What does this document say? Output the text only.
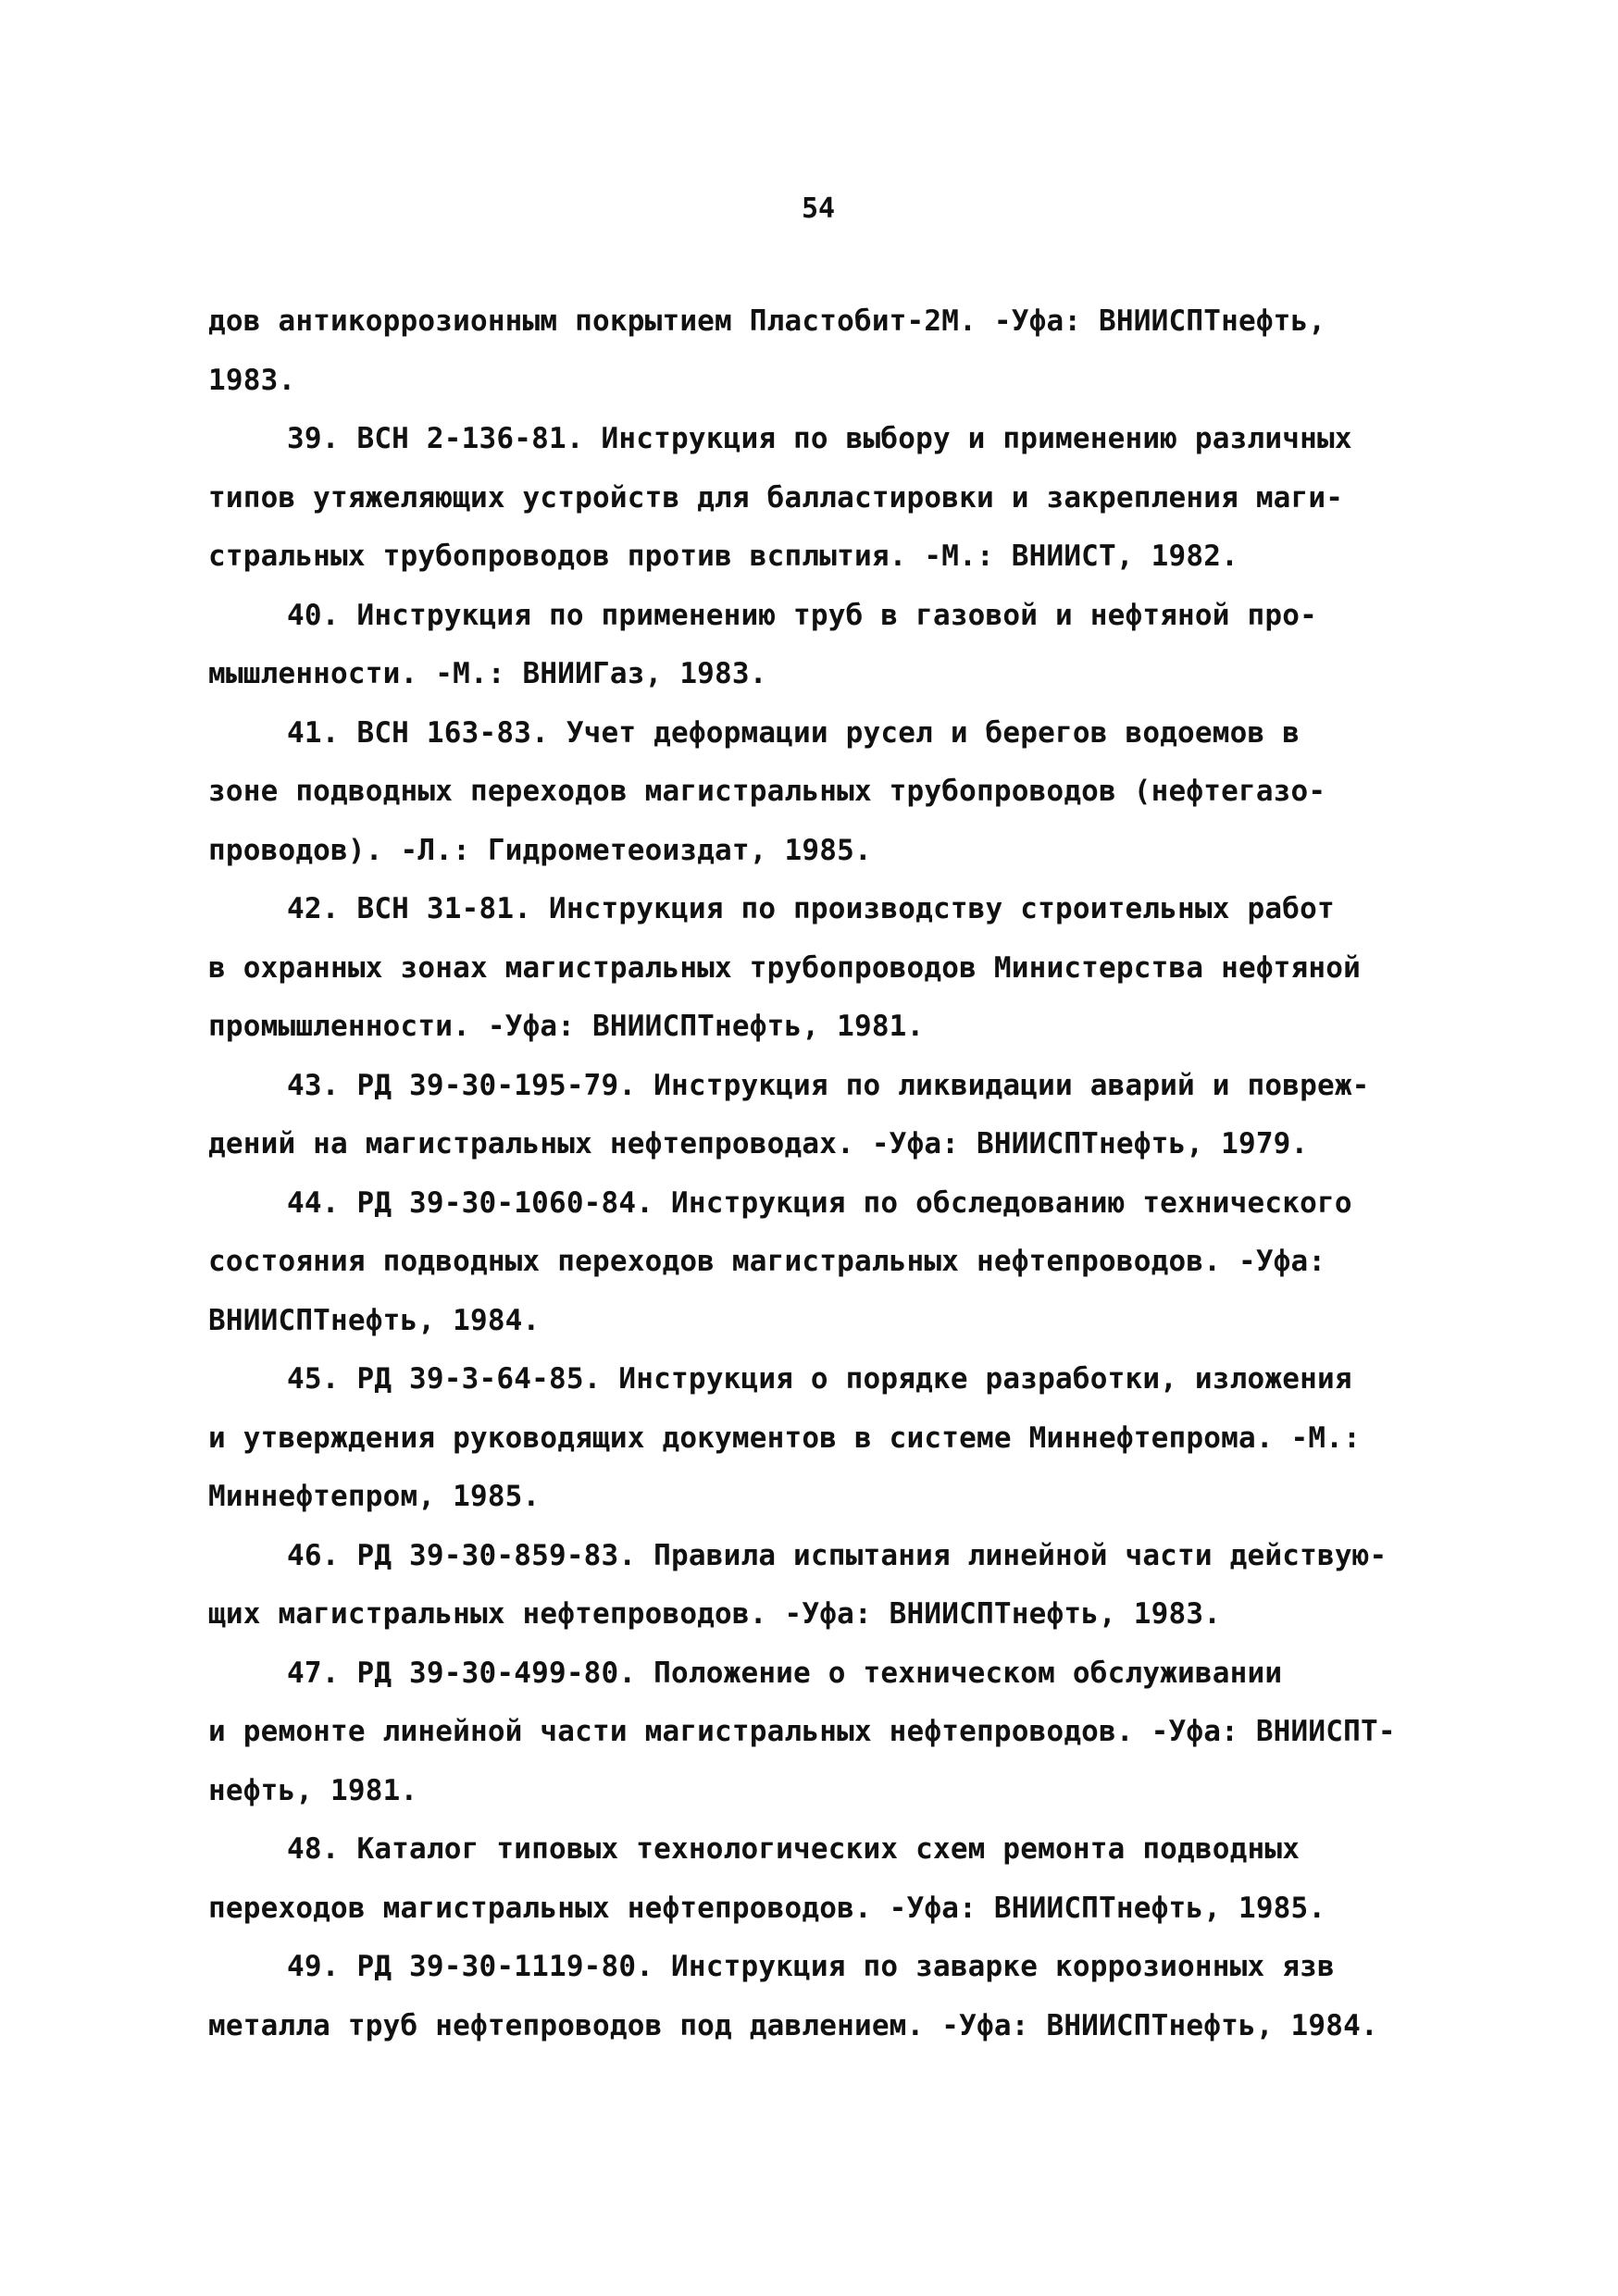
54
дов антикоррозионным покрытием Пластобит-2М. -Уфа: ВНИИСПТнефть,
1983.
39. ВСН 2-136-81. Инструкция по выбору и применению различных
типов утяжеляющих устройств для балластировки и закрепления маги-
стральных трубопроводов против всплытия. -М.: ВНИИСТ, 1982.
40. Инструкция по применению труб в газовой и нефтяной про-
мышленности. -М.: ВНИИГаз, 1983.
41. ВСН 163-83. Учет деформации русел и берегов водоемов в
зоне подводных переходов магистральных трубопроводов (нефтегазо-
проводов). -Л.: Гидрометеоиздат, 1985.
42. ВСН 31-81. Инструкция по производству строительных работ
в охранных зонах магистральных трубопроводов Министерства нефтяной
промышленности. -Уфа: ВНИИСПТнефть, 1981.
43. РД 39-30-195-79. Инструкция по ликвидации аварий и повреж-
дений на магистральных нефтепроводах. -Уфа: ВНИИСПТнефть, 1979.
44. РД 39-30-1060-84. Инструкция по обследованию технического
состояния подводных переходов магистральных нефтепроводов. -Уфа:
ВНИИСПТнефть, 1984.
45. РД 39-3-64-85. Инструкция о порядке разработки, изложения
и утверждения руководящих документов в системе Миннефтепрома. -М.:
Миннефтепром, 1985.
46. РД 39-30-859-83. Правила испытания линейной части действую-
щих магистральных нефтепроводов. -Уфа: ВНИИСПТнефть, 1983.
47. РД 39-30-499-80. Положение о техническом обслуживании
и ремонте линейной части магистральных нефтепроводов. -Уфа: ВНИИСПТ-
нефть, 1981.
48. Каталог типовых технологических схем ремонта подводных
переходов магистральных нефтепроводов. -Уфа: ВНИИСПТнефть, 1985.
49. РД 39-30-1119-80. Инструкция по заварке коррозионных язв
металла труб нефтепроводов под давлением. -Уфа: ВНИИСПТнефть, 1984.
